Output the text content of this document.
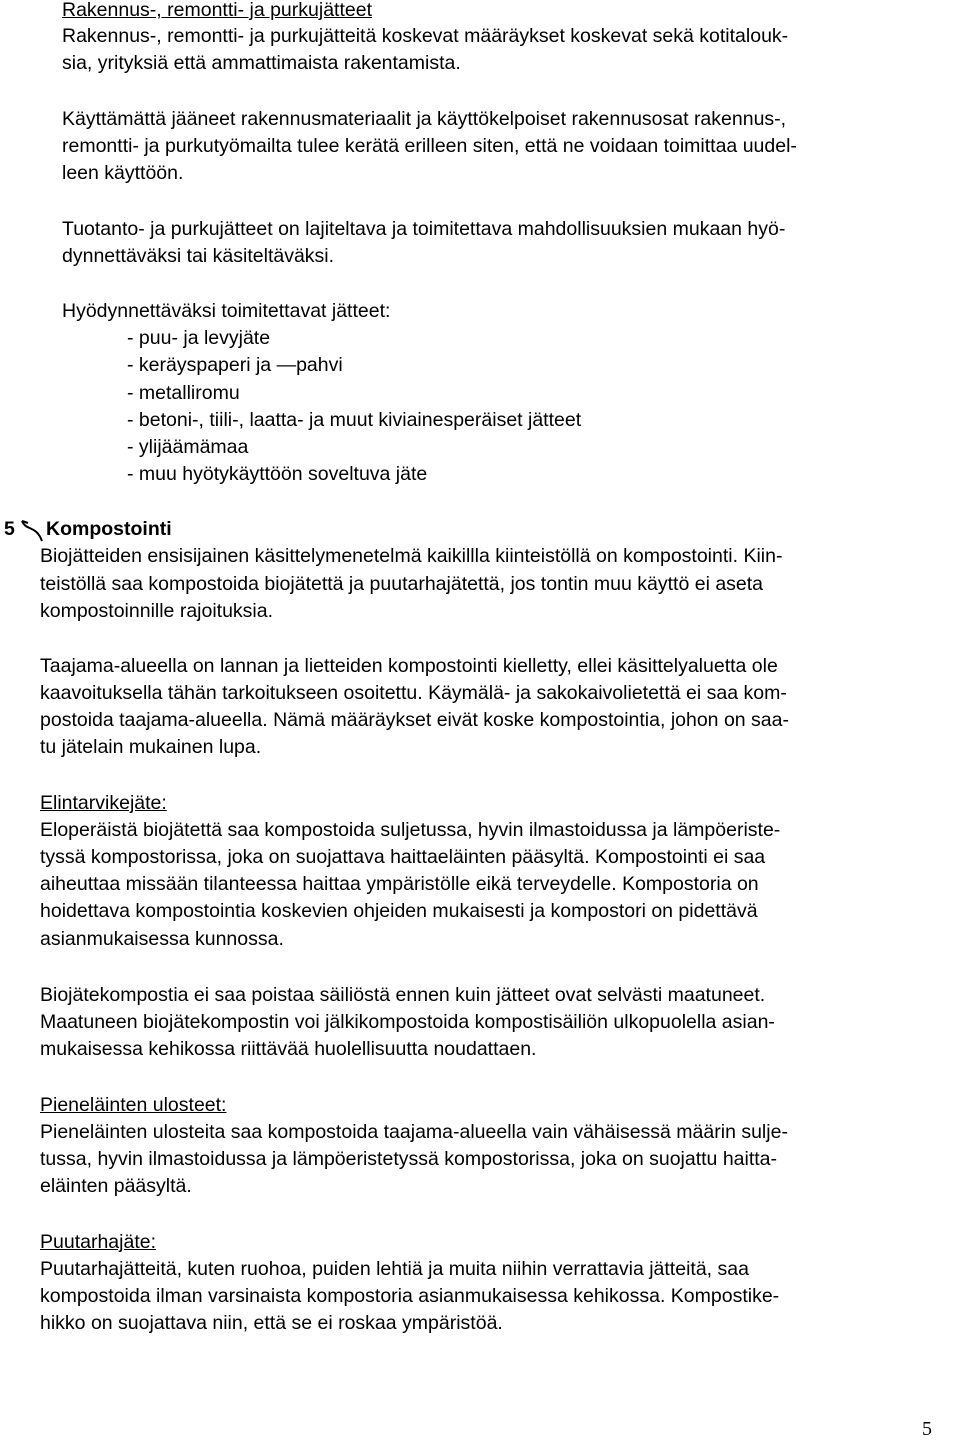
Rakennus-, remontti- ja purkujätteet
Rakennus-, remontti- ja purkujätteitä koskevat määräykset koskevat sekä kotitalouk-
sia, yrityksiä että ammattimaista rakentamista.
Käyttämättä jääneet rakennusmateriaalit ja käyttökelpoiset rakennusosat rakennus-,
remontti- ja purkutyömailta tulee kerätä erilleen siten, että ne voidaan toimittaa uudel-
leen käyttöön.
Tuotanto- ja purkujätteet on lajiteltava ja toimitettava mahdollisuuksien mukaan hyö-
dynnettäväksi tai käsiteltäväksi.
Hyödynnettäväksi toimitettavat jätteet:
- puu- ja levyjäte
- keräyspaperi ja —pahvi
- metalliromu
- betoni-, tiili-, laatta- ja muut kiviainesperäiset jätteet
- ylijäämämaa
- muu hyötykäyttöön soveltuva jäte
5 Kompostointi
Biojätteiden ensisijainen käsittelymenetelmä kaikillla kiinteistöllä on kompostointi. Kiin-
teistöllä saa kompostoida biojätettä ja puutarhajätettä, jos tontin muu käyttö ei aseta
kompostoinnille rajoituksia.
Taajama-alueella on lannan ja lietteiden kompostointi kielletty, ellei käsittelyaluetta ole
kaavoituksella tähän tarkoitukseen osoitettu. Käymälä- ja sakokaivolietettä ei saa kom-
postoida taajama-alueella. Nämä määräykset eivät koske kompostointia, johon on saa-
tu jätelain mukainen lupa.
Elintarvikejäte:
Eloperäistä biojätettä saa kompostoida suljetussa, hyvin ilmastoidussa ja lämpöeriste-
tyssä kompostorissa, joka on suojattava haittaeläinten pääsyltä. Kompostointi ei saa
aiheuttaa missään tilanteessa haittaa ympäristölle eikä terveydelle. Kompostoria on
hoidettava kompostointia koskevien ohjeiden mukaisesti ja kompostori on pidettävä
asianmukaisessa kunnossa.
Biojätekompostia ei saa poistaa säiliöstä ennen kuin jätteet ovat selvästi maatuneet.
Maatuneen biojätekompostin voi jälkikompostoida kompostisäiliön ulkopuolella asian-
mukaisessa kehikossa riittävää huolellisuutta noudattaen.
Pieneläinten ulosteet:
Pieneläinten ulosteita saa kompostoida taajama-alueella vain vähäisessä määrin sulje-
tussa, hyvin ilmastoidussa ja lämpöeristetyssä kompostorissa, joka on suojattu haitta-
eläinten pääsyltä.
Puutarhajäte:
Puutarhajätteitä, kuten ruohoa, puiden lehtiä ja muita niihin verrattavia jätteitä, saa
kompostoida ilman varsinaista kompostoria asianmukaisessa kehikossa. Kompostike-
hikko on suojattava niin, että se ei roskaa ympäristöä.
5
